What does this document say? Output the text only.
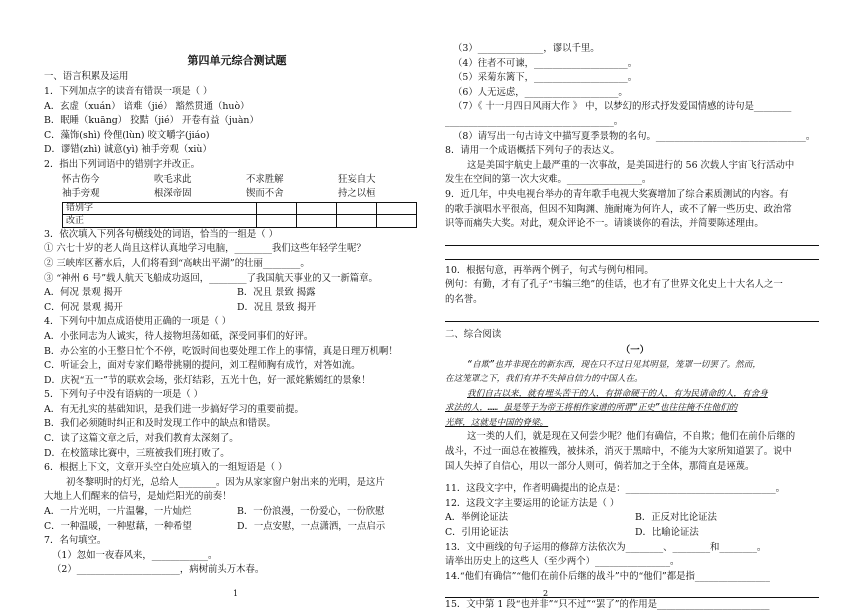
第四单元综合测试题
一、语言积累及运用
1．下列加点字的读音有错误一项是（ ）
A．玄虚（xuán） 谙难（jié） 豁然贯通（huò）
B．眠睡（kuāng） 狡黠（jié） 开卷有益（juàn）
C．藻饰(shì) 伶俚(lùn) 咬文嚼字(jiáo)
D．谬错(zhì) 诚意(yì) 袖手旁观（xiù）
2．指出下列词语中的错别字并改正。
怀古伤今	吹毛求此	不求胜解	狂妄自大
袖手旁观	根深帝固	锲而不舍	持之以桓
错别字				
改正				
3．依次填入下列各句横线处的词语，恰当的一组是（ ）
① 六七十岁的老人尚且这样认真地学习电脑，________我们这些年轻学生呢？
② 三峡库区蓄水后，人们将看到“高峡出平湖”的壮丽________。
③ “神州 6 号”载人航天飞船成功返回，________了我国航天事业的又一新篇章。
A．何况 景观 揭开	B．况且 景致 揭露
C．何况 景观 揭开	D．况且 景致 揭开
4．下列句中加点成语使用正确的一项是（ ）
A．小张同志为人诚实，待人接物坦荡如砥，深受同事们的好评。
B．办公室的小王整日忙个不停，吃饭时间也要处理工作上的事情，真是日理万机啊！
C．听证会上，面对专家们略带挑剔的提问，刘工程师胸有成竹，对答如流。
D．庆祝“五一”节的联欢会场，张灯结彩，五光十色，好一派姹紫嫣红的景象！
5．下列句子中没有语病的一项是（ ）
A．有无扎实的基础知识，是我们进一步搞好学习的重要前提。
B．我们必须随时纠正和及时发现工作中的缺点和错误。
C．读了这篇文章之后，对我们教育太深刻了。
D．在校篮球比赛中，三班被我们班打败了。
6．根据上下文，文章开头空白处应填入的一组短语是（ ）
初冬黎明时的灯光，总给人________。因为从家家窗户射出来的光明，是这片
大地上人们醒来的信号，是灿烂阳光的前奏！
A．一片光明，一片温馨，一片灿烂	B．一份浪漫，一份爱心，一份欣慰
C．一种温暖，一种慰藉，一种希望	D．一点安慰，一点潇洒，一点启示
7．名句填空。
（1）忽如一夜春风来，____________。
（2）______________________，病树前头万木春。
1
（3）______________，谬以千里。
（4）往者不可谏，____________________。
（5）采菊东篱下，____________________。
（6）人无远虑，____________________。
（7）《 十一月四日风雨大作 》 中，以梦幻的形式抒发爱国情感的诗句是________
____________________________________。
（8）请写出一句古诗文中描写夏季景物的名句。________________________________。
8．请用一个成语概括下列句子的表达义。
这是美国宇航史上最严重的一次事故，是美国进行的 56 次载人宇宙飞行活动中
发生在空间的第一次大灾难。________________。
9．近几年，中央电视台举办的青年歌手电视大奖赛增加了综合素质测试的内容。有
的歌手演唱水平很高，但因不知陶渊、施耐庵为何许人，或不了解一些历史、政治常
识等而痛失大奖。对此，观众评论不一。请谈谈你的看法，并简要陈述理由。
10．根据句意，再举两个例子，句式与例句相同。
例句：有勤，才有了孔子“韦编三绝”的佳话，也才有了世界文化史上十大名人之一
的名誉。
二、综合阅读
（一）
“自欺”也并非现在的新东西，现在只不过日见其明显，笼罩一切罢了。然而，
在这笼罩之下，我们有并不失掉自信力的中国人在。
我们自古以来，就有埋头苦干的人，有拼命硬干的人，有为民请命的人，有舍身
求法的人，…… 虽是等于为帝王将相作家谱的所谓“正史”也往往掩不住他们的
光辉，这就是中国的脊梁。
这一类的人们，就是现在又何尝少呢？他们有确信，不自欺；他们在前仆后继的
战斗，不过一面总在被摧残，被抹杀，消灭于黑暗中，不能为大家所知道罢了。说中
国人失掉了自信心，用以一部分人则可，倘若加之于全体，那简直是诬蔑。
11．这段文字中，作者明确提出的论点是：________________________________。
12．这段文字主要运用的论证方法是（ ）
A．举例论证法	B．正反对比论证法
C．引用论证法	D．比喻论证法
13．文中画线的句子运用的修辞方法依次为________、________和________。
请举出历史上的这些人（至少两个）________________。
14.“他们有确信”“他们在前仆后继的战斗”中的“他们”都是指________________
15．文中第 1 段“也并非”“只不过”“罢了”的作用是________________________
2
